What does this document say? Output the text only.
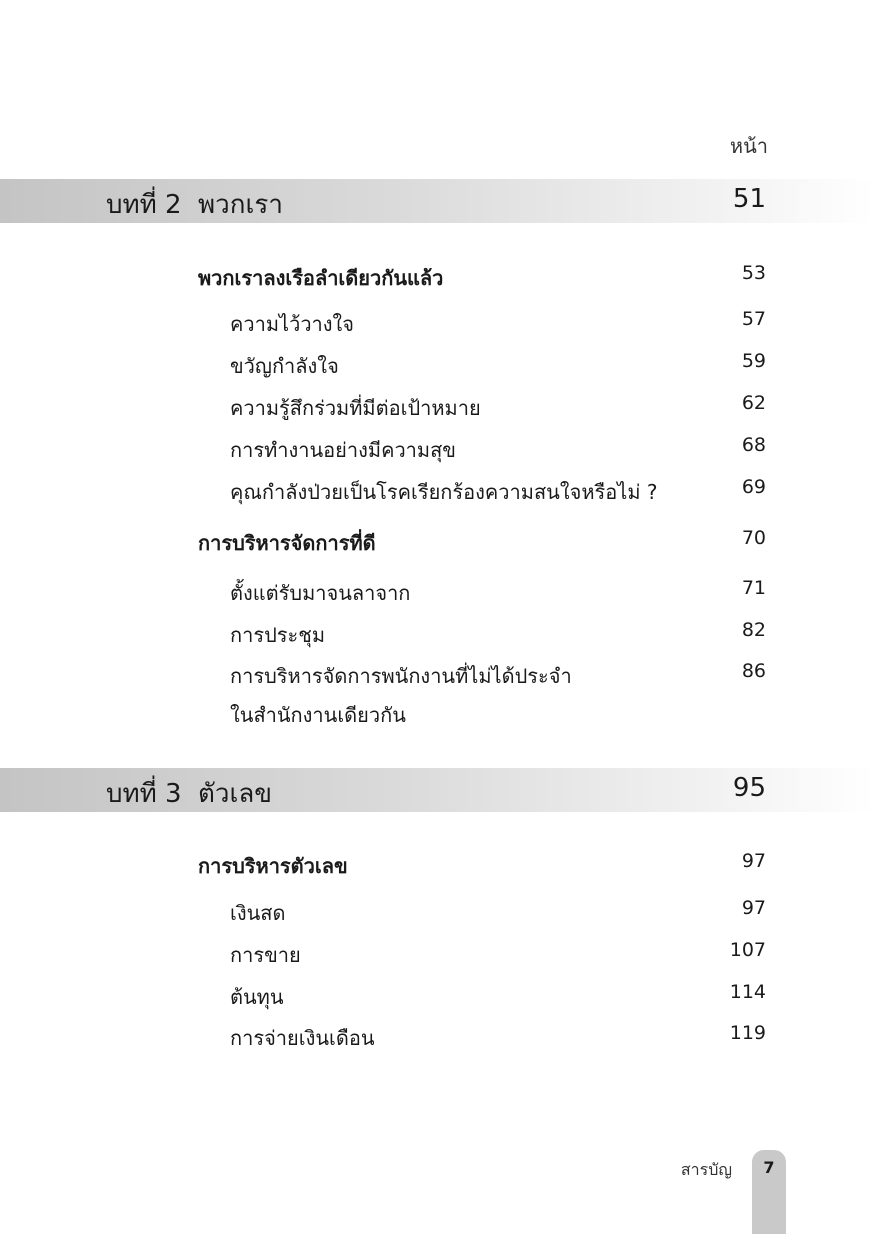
หน้า
บทที่ 2 พวกเรา	51
พวกเราลงเรือลำเดียวกันแล้ว	53
ความไว้วางใจ	57
ขวัญกำลังใจ	59
ความรู้สึกร่วมที่มีต่อเป้าหมาย	62
การทำงานอย่างมีความสุข	68
คุณกำลังป่วยเป็นโรคเรียกร้องความสนใจหรือไม่ ?	69
การบริหารจัดการที่ดี	70
ตั้งแต่รับมาจนลาจาก	71
การประชุม	82
การบริหารจัดการพนักงานที่ไม่ได้ประจำ	86
ในสำนักงานเดียวกัน
บทที่ 3 ตัวเลข	95
การบริหารตัวเลข	97
เงินสด	97
การขาย	107
ต้นทุน	114
การจ่ายเงินเดือน	119
สารบัญ	7
